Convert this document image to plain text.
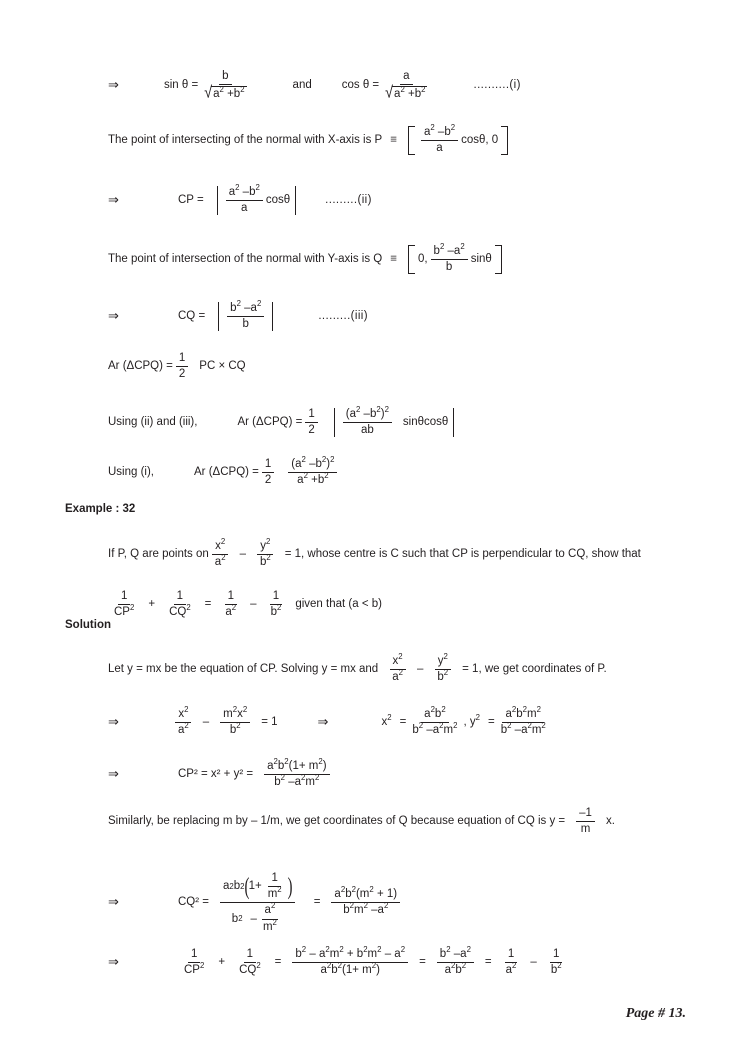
⇒	$\sin \theta = \frac{b}{√ a^2 +b^2}$	and	$\cos \theta = \frac{a}{√ a^2 +b^2}$	..........(i)
The point of intersecting of the normal with X-axis is $P \equiv \frac{a^2 -b^2}{a} \cos\theta$, 0
⇒	CP = $\frac{a^2 -b^2}{a}$ cosθ	.........(ii)
The point of intersection of the normal with Y-axis is Q ≡ 0, $\frac{b^2 -a^2}{b}$ sinθ
⇒	CQ = $\frac{b^2 -a^2}{b}$	.........(iii)
Ar $(\Delta CPQ) = \frac{1}{2}$ PC × CQ
Using (ii) and (iii),	Ar $(\Delta CPQ) = \frac{1}{2} \frac{(a^2 -b^2)^2}{ab}$ sinθcosθ
Using (i),	Ar $(\Delta CPQ) = \frac{1}{2} \frac{(a^2 -b^2)^2}{a^2 +b^2}$
Example : 32
If P, Q are points on $\frac{x^2}{a^2} - \frac{y^2}{b^2} = 1$, whose centre is C such that CP is perpendicular to CQ, show that
$\frac{1}{CP^2} + \frac{1}{CQ^2} = \frac{1}{a^2} - \frac{1}{b^2}$ given that (a < b)
Solution
Let y = mx be the equation of CP. Solving y = mx and $\frac{x^2}{a^2} - \frac{y^2}{b^2} = 1$, we get coordinates of P.
⇒	$\frac{x^2}{a^2} - \frac{m^2x^2}{b^2} = 1$	⇒	$x^2 = \frac{a^2b^2}{b^2 -a^2m^2}$ , $y^2 = \frac{a^2b^2m^2}{b^2 -a^2m^2}$
⇒	$CP^2 = x^2 + y^2 = \frac{a^2b^2(1+ m^2)}{b^2 -a^2m^2}$
Similarly, be replacing m by – 1/m, we get coordinates of Q because equation of CQ is $y = \frac{-1}{m} x$.
⇒	CQ² =
a 2 b 2 ( $1+ \frac{1}{m^2}$ )
b $2 - \frac{a^2}{m^2}$
= $\frac{a^2b^2(m^2 + 1)}{b^2m^2 -a^2}$
⇒	$\frac{1}{CP^2} + \frac{1}{CQ^2} = \frac{b^2 - a^2m^2 + b^2m^2 - a^2}{a^2b^2(1+ m^2)} = \frac{b^2 -a^2}{a^2b^2} = \frac{1}{a^2} - \frac{1}{b^2}$
Page # 13.
